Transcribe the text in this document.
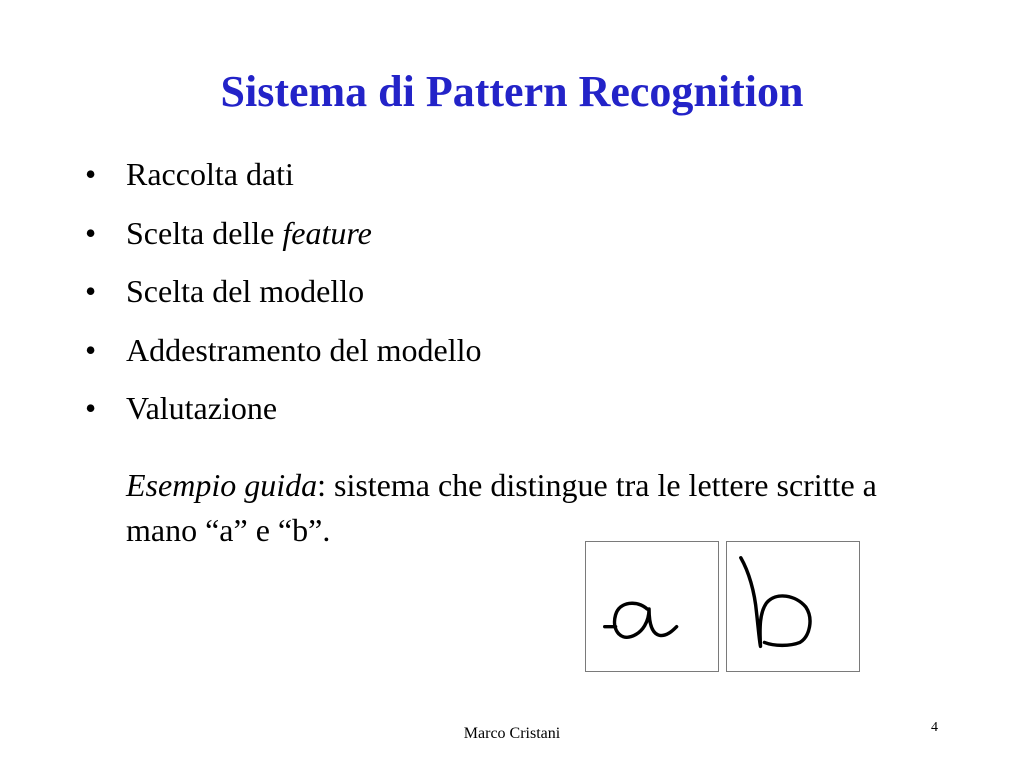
Sistema di Pattern Recognition
• Raccolta dati
• Scelta delle feature
• Scelta del modello
• Addestramento del modello
• Valutazione

Esempio guida: sistema che distingue tra le lettere scritte a mano “a” e “b”.

Marco Cristani	4
